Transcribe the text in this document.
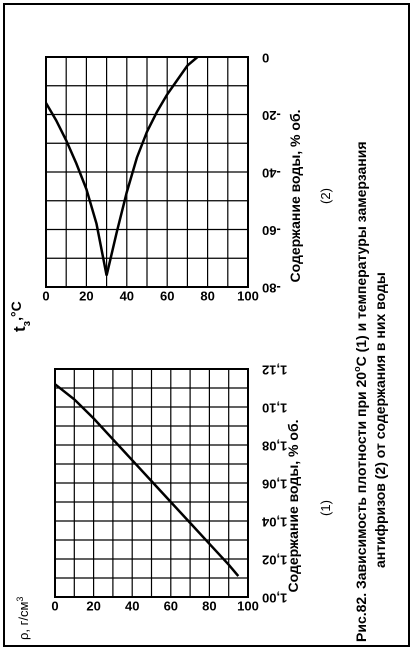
0 20 40 60 80 100
1,00
1,02
1,04
1,06
1,08
1,10
1,12
ρ, $г/см^3$
Содержание воды, % об. (1)
0 20 40 60 80 100
0
-20
-40
-60
-80
$t_з^{,^\circ C}$
Содержание воды, % об. (2)
Рис.82. Зависимость плотности при $20^оС$ (1) и температуры замерзания
антифризов (2) от содержания в них воды
